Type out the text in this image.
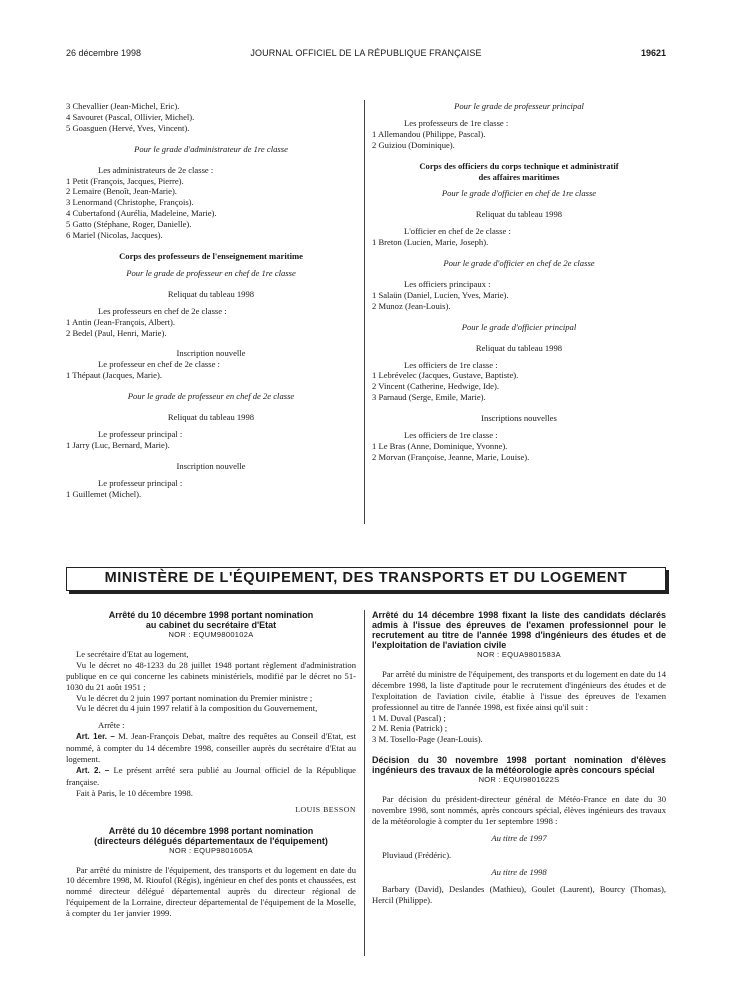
26 décembre 1998	JOURNAL OFFICIEL DE LA RÉPUBLIQUE FRANÇAISE	19621
3 Chevallier (Jean-Michel, Eric).
4 Savouret (Pascal, Ollivier, Michel).
5 Goasguen (Hervé, Yves, Vincent).
Pour le grade d'administrateur de 1re classe
Les administrateurs de 2e classe :
1 Petit (François, Jacques, Pierre).
2 Lemaire (Benoît, Jean-Marie).
3 Lenormand (Christophe, François).
4 Cubertafond (Aurélia, Madeleine, Marie).
5 Gatto (Stéphane, Roger, Danielle).
6 Mariel (Nicolas, Jacques).
Corps des professeurs de l'enseignement maritime
Pour le grade de professeur en chef de 1re classe
Reliquat du tableau 1998
Les professeurs en chef de 2e classe :
1 Antin (Jean-François, Albert).
2 Bedel (Paul, Henri, Marie).
Inscription nouvelle
Le professeur en chef de 2e classe :
1 Thépaut (Jacques, Marie).
Pour le grade de professeur en chef de 2e classe
Reliquat du tableau 1998
Le professeur principal :
1 Jarry (Luc, Bernard, Marie).
Inscription nouvelle
Le professeur principal :
1 Guillemet (Michel).
Pour le grade de professeur principal
Les professeurs de 1re classe :
1 Allemandou (Philippe, Pascal).
2 Guiziou (Dominique).
Corps des officiers du corps technique et administratif
des affaires maritimes
Pour le grade d'officier en chef de 1re classe
Reliquat du tableau 1998
L'officier en chef de 2e classe :
1 Breton (Lucien, Marie, Joseph).
Pour le grade d'officier en chef de 2e classe
Les officiers principaux :
1 Salaün (Daniel, Lucien, Yves, Marie).
2 Munoz (Jean-Louis).
Pour le grade d'officier principal
Reliquat du tableau 1998
Les officiers de 1re classe :
1 Lebrévelec (Jacques, Gustave, Baptiste).
2 Vincent (Catherine, Hedwige, Ide).
3 Parnaud (Serge, Emile, Marie).
Inscriptions nouvelles
Les officiers de 1re classe :
1 Le Bras (Anne, Dominique, Yvonne).
2 Morvan (Françoise, Jeanne, Marie, Louise).
MINISTÈRE DE L'ÉQUIPEMENT, DES TRANSPORTS ET DU LOGEMENT
Arrêté du 10 décembre 1998 portant nomination
au cabinet du secrétaire d'Etat
NOR : EQUM9800102A
Le secrétaire d'Etat au logement,
Vu le décret no 48-1233 du 28 juillet 1948 portant règlement d'administration publique en ce qui concerne les cabinets ministériels, modifié par le décret no 51-1030 du 21 août 1951 ;
Vu le décret du 2 juin 1997 portant nomination du Premier ministre ;
Vu le décret du 4 juin 1997 relatif à la composition du Gouvernement,
Arrête :
Art. 1er. – M. Jean-François Debat, maître des requêtes au Conseil d'Etat, est nommé, à compter du 14 décembre 1998, conseiller auprès du secrétaire d'Etat au logement.
Art. 2. – Le présent arrêté sera publié au Journal officiel de la République française.
Fait à Paris, le 10 décembre 1998.
LOUIS BESSON
Arrêté du 10 décembre 1998 portant nomination
(directeurs délégués départementaux de l'équipement)
NOR : EQUP9801605A
Par arrêté du ministre de l'équipement, des transports et du logement en date du 10 décembre 1998, M. Rioufol (Régis), ingénieur en chef des ponts et chaussées, est nommé directeur délégué départemental auprès du directeur régional de l'équipement de la Lorraine, directeur départemental de l'équipement de la Moselle, à compter du 1er janvier 1999.
Arrêté du 14 décembre 1998 fixant la liste des candidats déclarés admis à l'issue des épreuves de l'examen professionnel pour le recrutement au titre de l'année 1998 d'ingénieurs des études et de l'exploitation de l'aviation civile
NOR : EQUA9801583A
Par arrêté du ministre de l'équipement, des transports et du logement en date du 14 décembre 1998, la liste d'aptitude pour le recrutement d'ingénieurs des études et de l'exploitation de l'aviation civile, établie à l'issue des épreuves de l'examen professionnel au titre de l'année 1998, est fixée ainsi qu'il suit :
1 M. Duval (Pascal) ;
2 M. Renia (Patrick) ;
3 M. Tosello-Page (Jean-Louis).
Décision du 30 novembre 1998 portant nomination d'élèves ingénieurs des travaux de la météorologie après concours spécial
NOR : EQUI9801622S
Par décision du président-directeur général de Météo-France en date du 30 novembre 1998, sont nommés, après concours spécial, élèves ingénieurs des travaux de la météorologie à compter du 1er septembre 1998 :
Au titre de 1997
Pluviaud (Frédéric).
Au titre de 1998
Barbary (David), Deslandes (Mathieu), Goulet (Laurent), Bourcy (Thomas), Hercil (Philippe).
